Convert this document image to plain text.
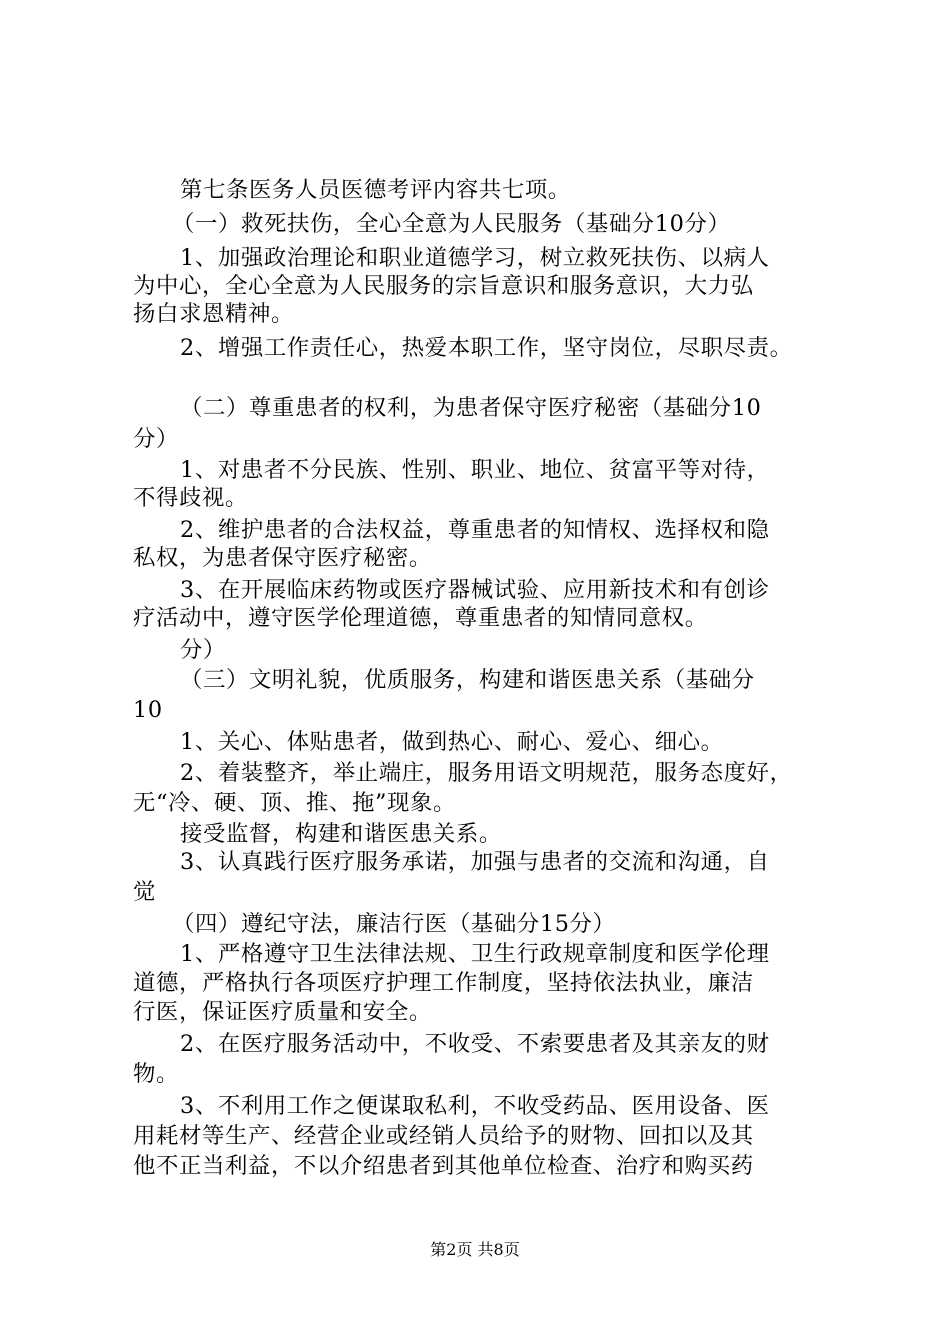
第七条医务人员医德考评内容共七项。
（一）救死扶伤，全心全意为人民服务（基础分10分）
1、加强政治理论和职业道德学习，树立救死扶伤、以病人
为中心，全心全意为人民服务的宗旨意识和服务意识，大力弘
扬白求恩精神。
2、增强工作责任心，热爱本职工作，坚守岗位，尽职尽责。
（二）尊重患者的权利，为患者保守医疗秘密（基础分10
分）
1、对患者不分民族、性别、职业、地位、贫富平等对待，
不得歧视。
2、维护患者的合法权益，尊重患者的知情权、选择权和隐
私权，为患者保守医疗秘密。
3、在开展临床药物或医疗器械试验、应用新技术和有创诊
疗活动中，遵守医学伦理道德，尊重患者的知情同意权。
分）
（三）文明礼貌，优质服务，构建和谐医患关系（基础分
10
1、关心、体贴患者，做到热心、耐心、爱心、细心。
2、着装整齐，举止端庄，服务用语文明规范，服务态度好，
无“冷、硬、顶、推、拖”现象。
接受监督，构建和谐医患关系。
3、认真践行医疗服务承诺，加强与患者的交流和沟通，自
觉
（四）遵纪守法，廉洁行医（基础分15分）
1、严格遵守卫生法律法规、卫生行政规章制度和医学伦理
道德，严格执行各项医疗护理工作制度，坚持依法执业，廉洁
行医，保证医疗质量和安全。
2、在医疗服务活动中，不收受、不索要患者及其亲友的财
物。
3、不利用工作之便谋取私利，不收受药品、医用设备、医
用耗材等生产、经营企业或经销人员给予的财物、回扣以及其
他不正当利益，不以介绍患者到其他单位检查、治疗和购买药
第2页 共8页
